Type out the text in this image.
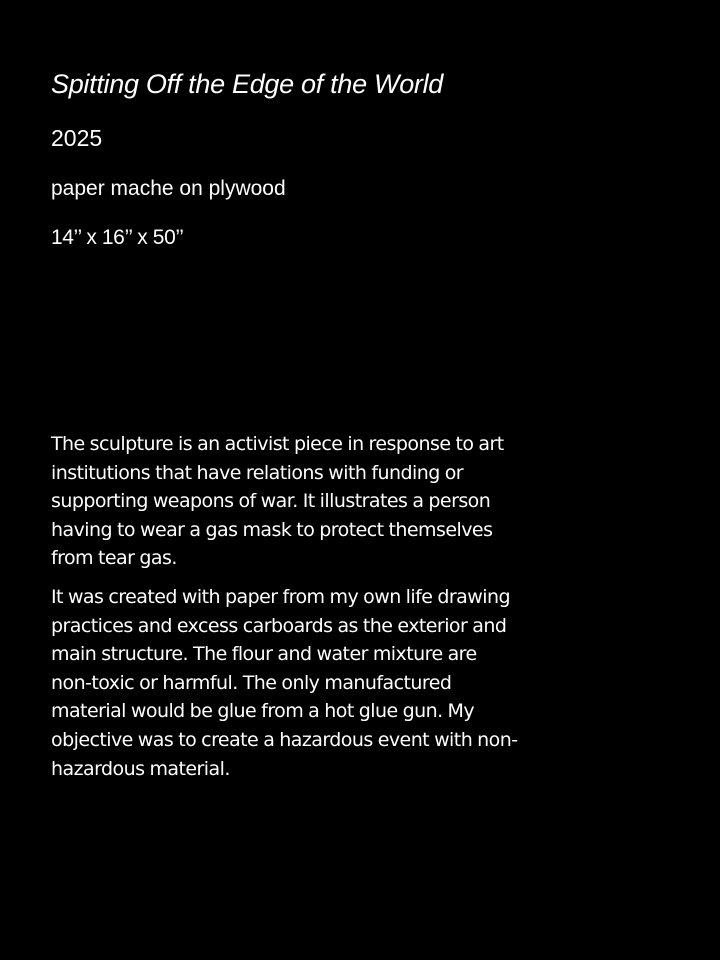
Spitting Off the Edge of the World
2025
paper mache on plywood
14’’ x 16’’ x 50’’

The sculpture is an activist piece in response to art institutions that have relations with funding or supporting weapons of war. It illustrates a person having to wear a gas mask to protect themselves from tear gas.

It was created with paper from my own life drawing practices and excess carboards as the exterior and main structure. The flour and water mixture are non-toxic or harmful. The only manufactured material would be glue from a hot glue gun. My objective was to create a hazardous event with non-hazardous material.
